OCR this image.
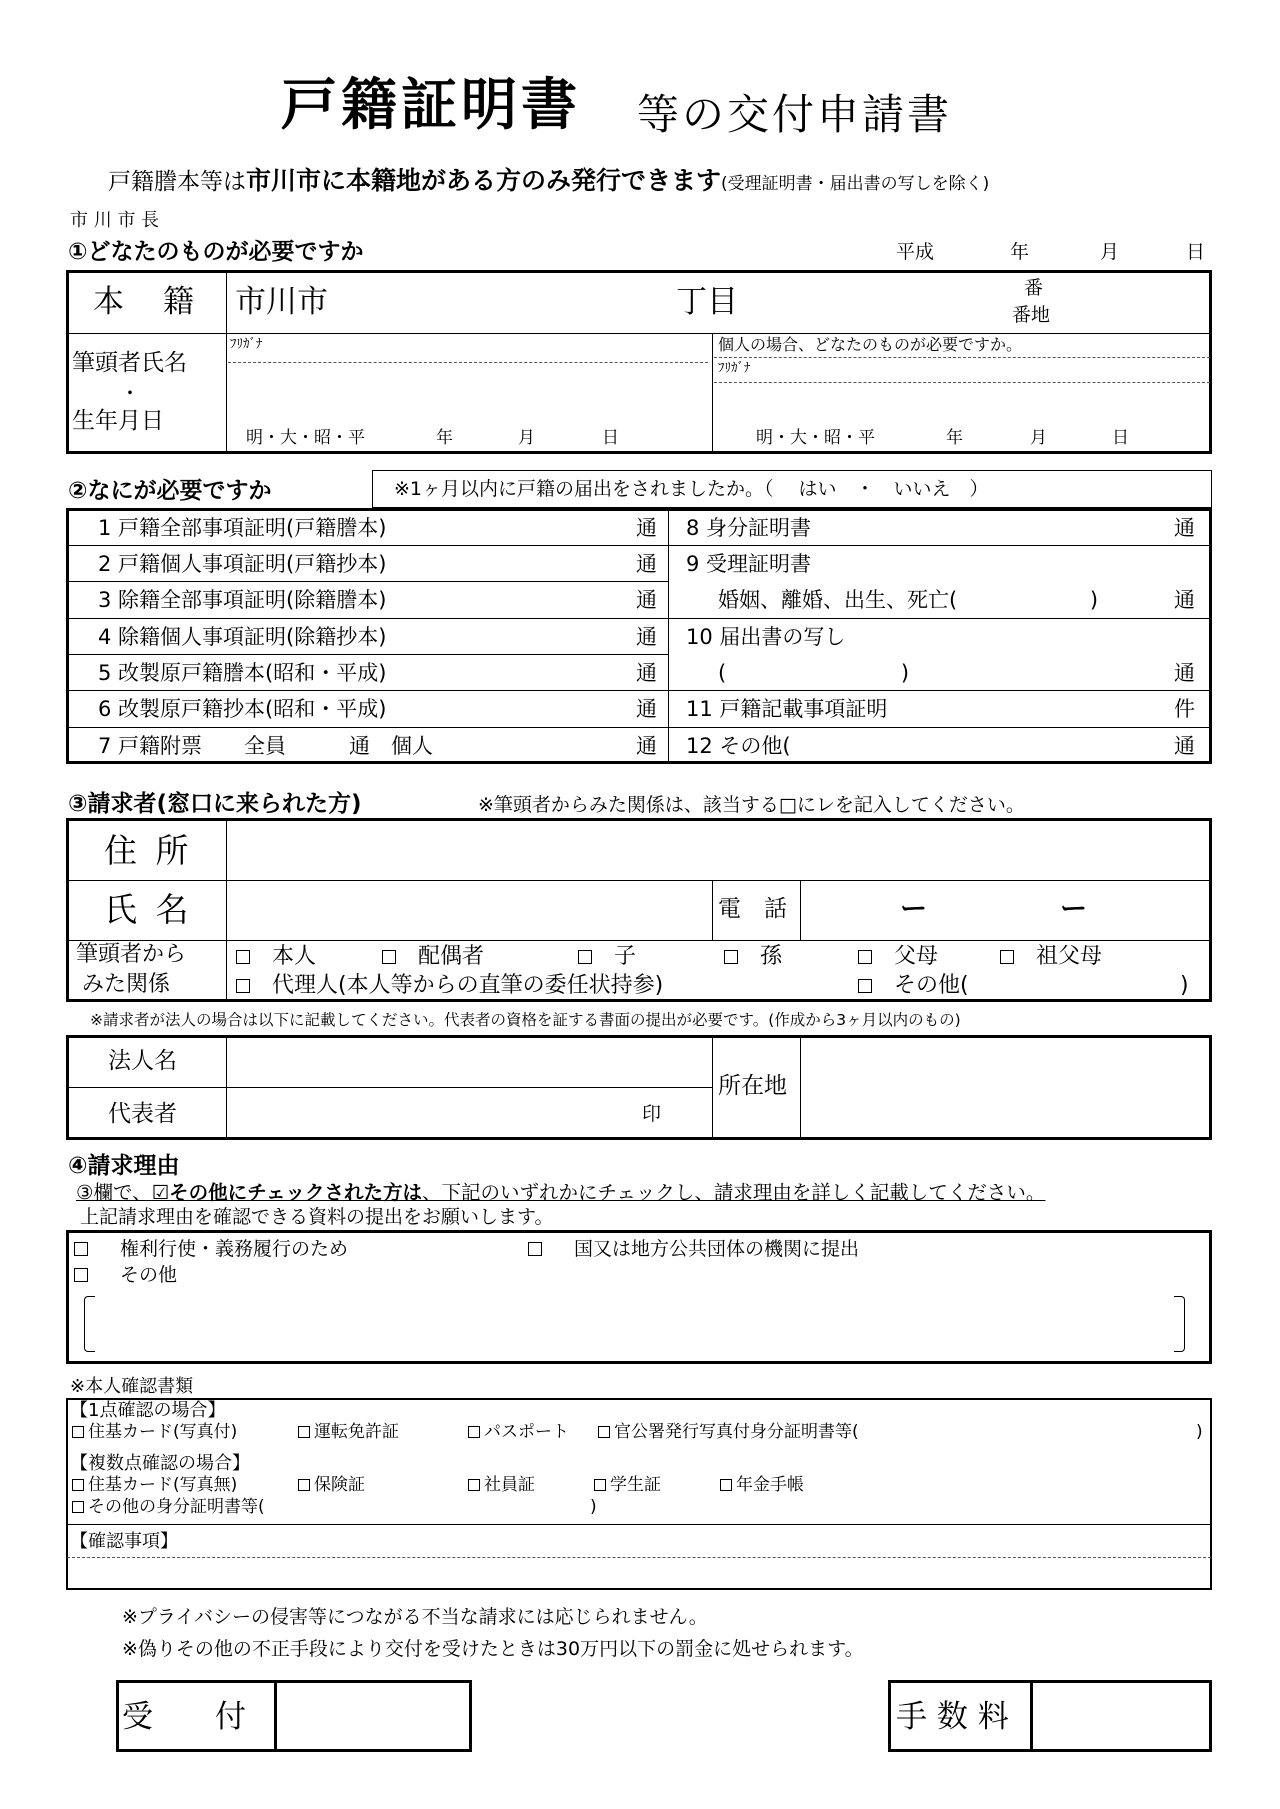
戸籍証明書 等の交付申請書
戸籍謄本等は市川市に本籍地がある方のみ発行できます(受理証明書・届出書の写しを除く)
市 川 市 長
①どなたのものが必要ですか	平成	年	月	日
本　籍 市川市	丁目	番
番地
筆頭者氏名
・
生年月日
ﾌﾘｶﾞﾅ
明・大・昭・平	年	月	日
個人の場合、どなたのものが必要ですか。
ﾌﾘｶﾞﾅ
明・大・昭・平	年	月	日
②なにが必要ですか	※1ヶ月以内に戸籍の届出をされましたか。（　 はい　・　いいえ　）
1 戸籍全部事項証明(戸籍謄本)	通
2 戸籍個人事項証明(戸籍抄本)	通
3 除籍全部事項証明(除籍謄本)	通
4 除籍個人事項証明(除籍抄本)	通
5 改製原戸籍謄本(昭和・平成)	通
6 改製原戸籍抄本(昭和・平成)	通
7 戸籍附票　　全員　　　通　個人	通
8 身分証明書	通
9 受理証明書
婚姻、離婚、出生、死亡(　　　　　　 )	通
10 届出書の写し
(　　　　　　　　 )	通
11 戸籍記載事項証明	件
12 その他(	通
③請求者(窓口に来られた方)	※筆頭者からみた関係は、該当する□にレを記入してください。
住 所
氏 名	電　話	ー	ー
筆頭者から
みた関係
本人	配偶者	子	孫	父母	祖父母
代理人(本人等からの直筆の委任状持参)	その他(	)
※請求者が法人の場合は以下に記載してください。代表者の資格を証する書面の提出が必要です。(作成から3ヶ月以内のもの)
法人名
代表者	印
所在地
④請求理由
③欄で、☑その他にチェックされた方は、下記のいずれかにチェックし、請求理由を詳しく記載してください。
上記請求理由を確認できる資料の提出をお願いします。
権利行使・義務履行のため	国又は地方公共団体の機関に提出
その他
※本人確認書類
【1点確認の場合】
住基カード(写真付)	運転免許証	パスポート	官公署発行写真付身分証明書等(	)
【複数点確認の場合】
住基カード(写真無)	保険証	社員証	学生証	年金手帳
その他の身分証明書等(	)
【確認事項】
※プライバシーの侵害等につながる不当な請求には応じられません。
※偽りその他の不正手段により交付を受けたときは30万円以下の罰金に処せられます。
受　　付	手 数 料
